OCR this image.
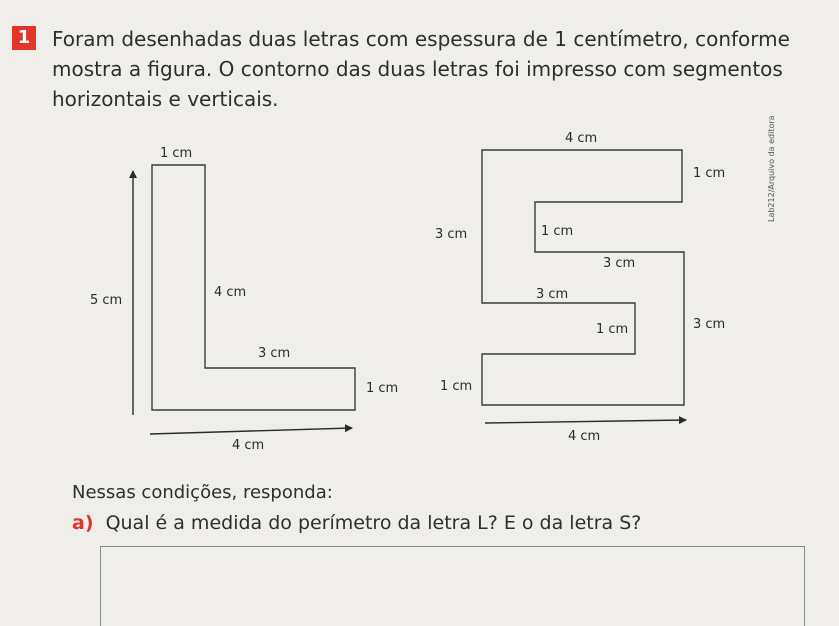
1 Foram desenhadas duas letras com espessura de 1 centímetro, conforme mostra a figura. O contorno das duas letras foi impresso com segmentos horizontais e verticais.
1 cm
5 cm
4 cm
3 cm
1 cm
4 cm
4 cm
1 cm
3 cm	1 cm
3 cm
3 cm
1 cm	3 cm
1 cm
4 cm
Lab212/Arquivo da editora
Nessas condições, responda:
a) Qual é a medida do perímetro da letra L? E o da letra S?
